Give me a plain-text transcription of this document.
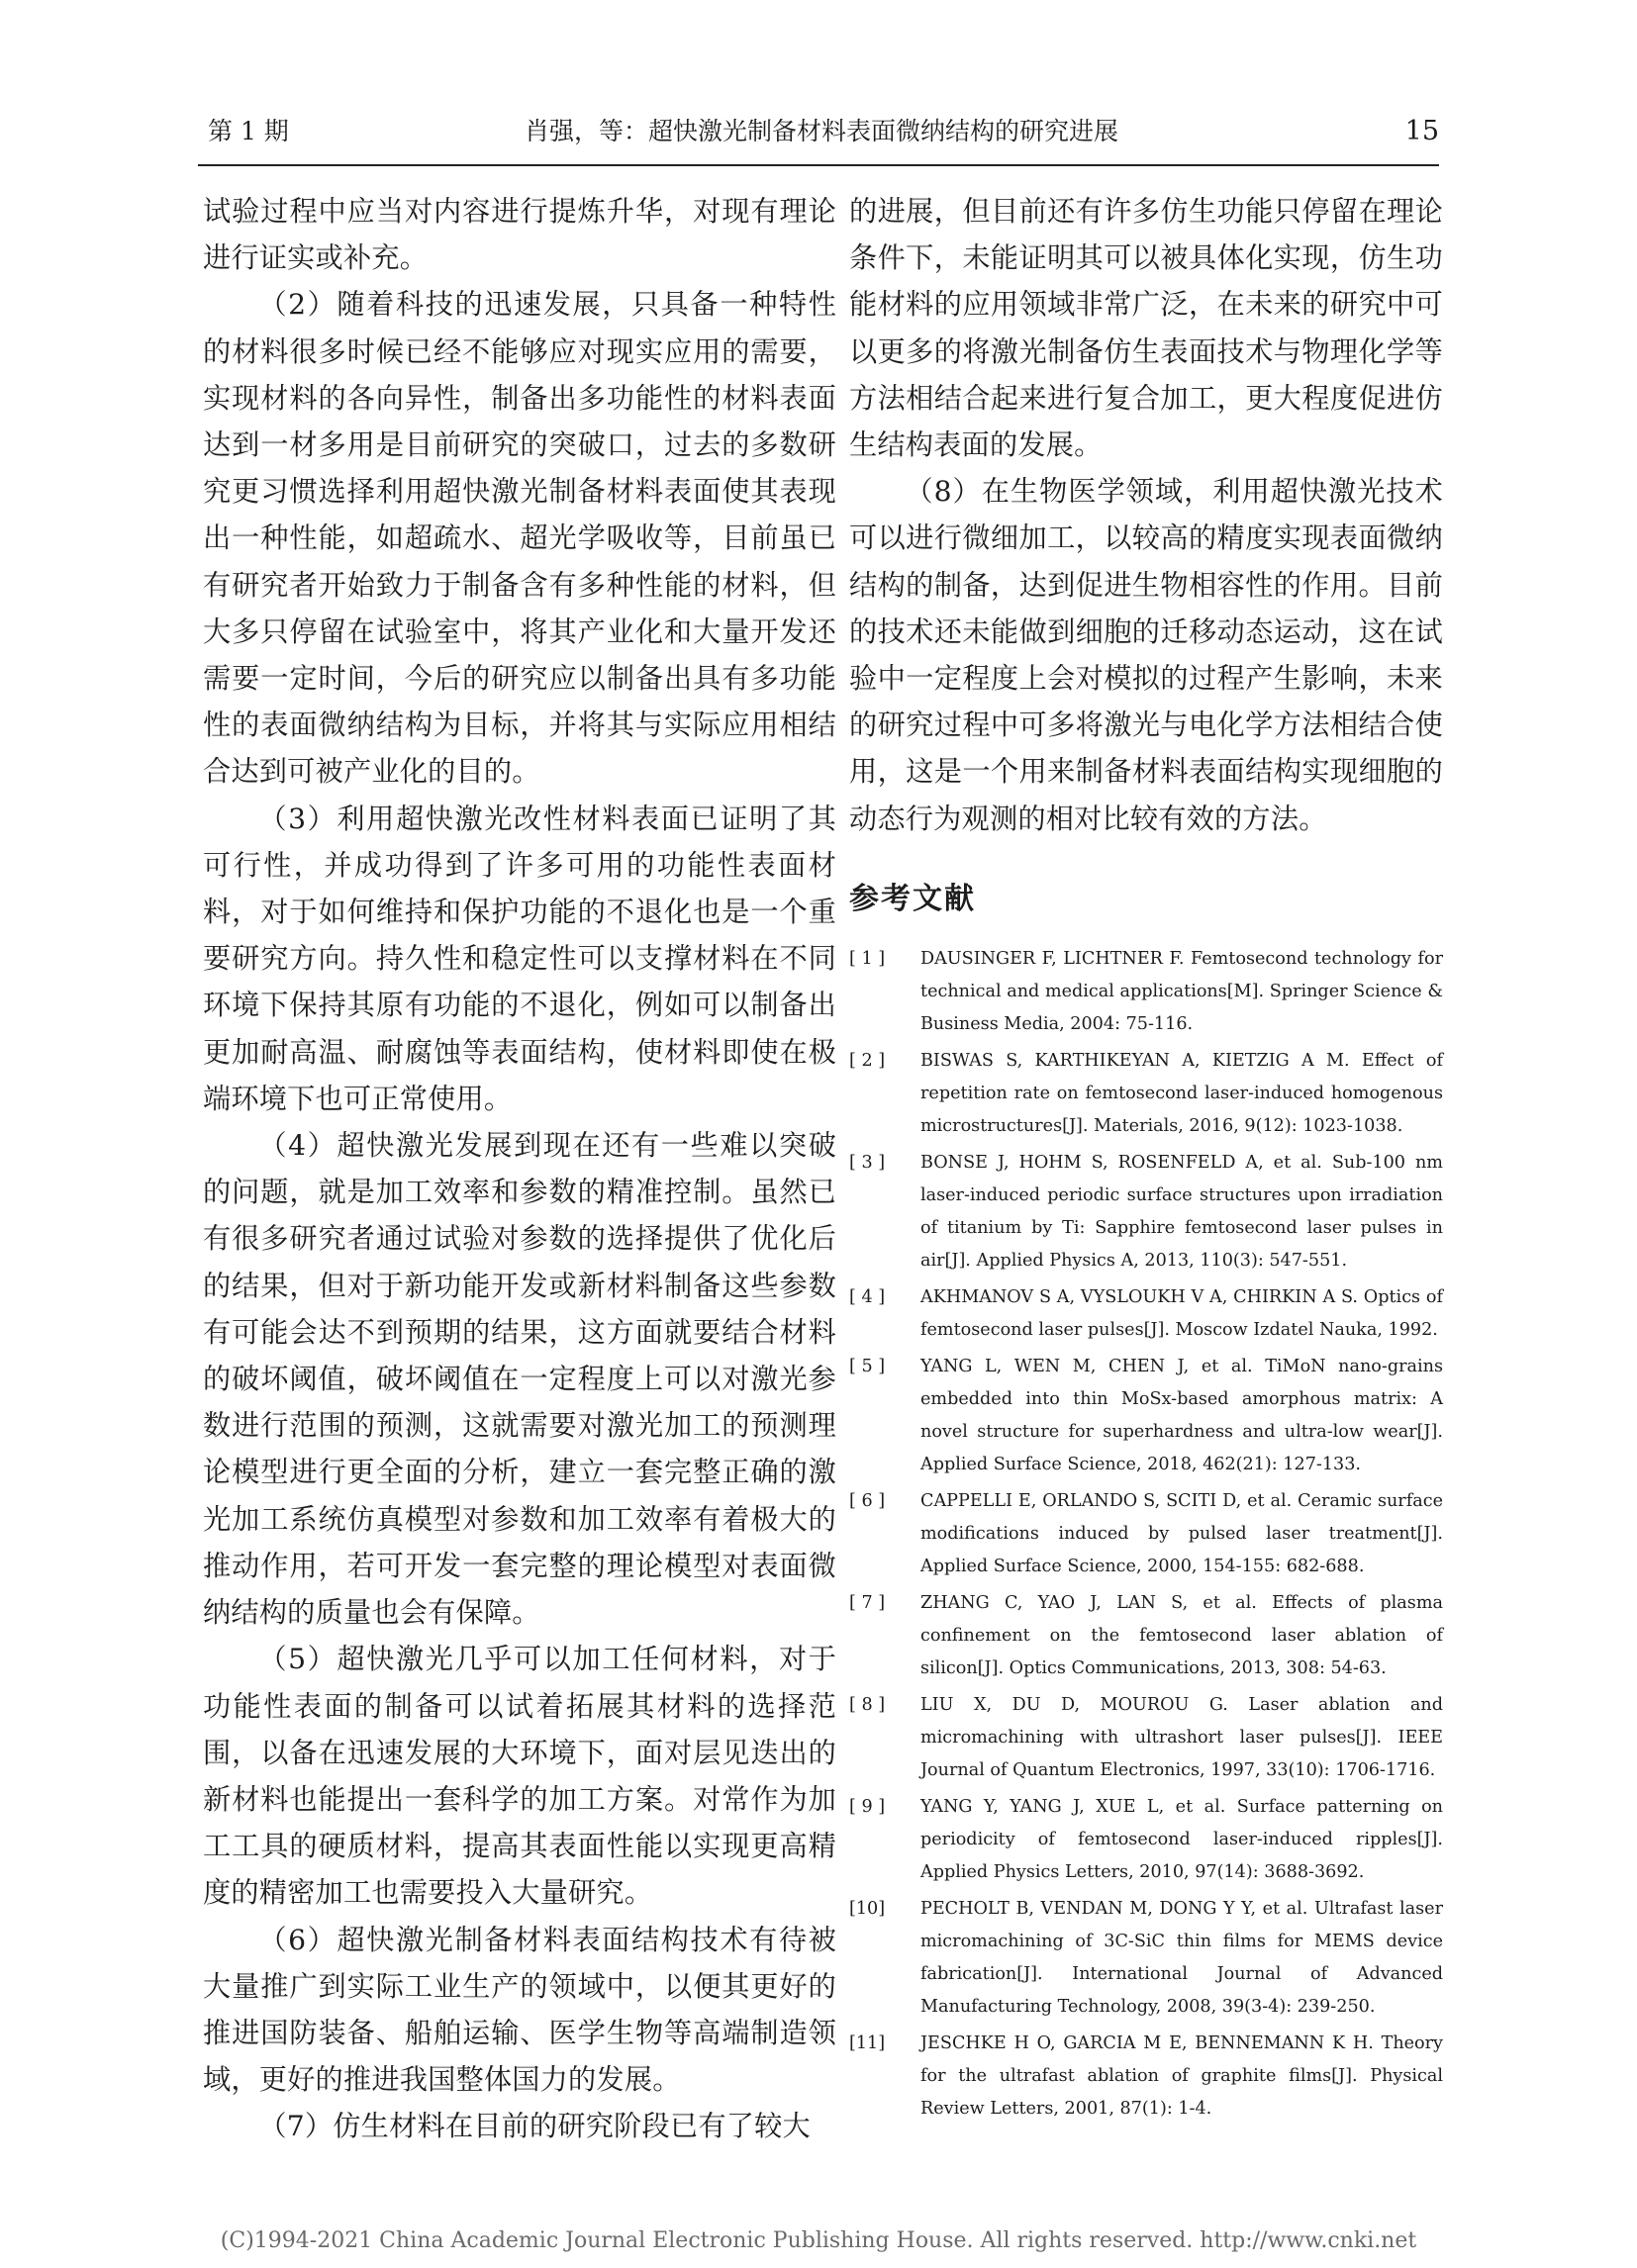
第 1 期	肖强，等：超快激光制备材料表面微纳结构的研究进展	15

试验过程中应当对内容进行提炼升华，对现有理论进行证实或补充。

（2）随着科技的迅速发展，只具备一种特性的材料很多时候已经不能够应对现实应用的需要，实现材料的各向异性，制备出多功能性的材料表面达到一材多用是目前研究的突破口，过去的多数研究更习惯选择利用超快激光制备材料表面使其表现出一种性能，如超疏水、超光学吸收等，目前虽已有研究者开始致力于制备含有多种性能的材料，但大多只停留在试验室中，将其产业化和大量开发还需要一定时间，今后的研究应以制备出具有多功能性的表面微纳结构为目标，并将其与实际应用相结合达到可被产业化的目的。

（3）利用超快激光改性材料表面已证明了其可行性，并成功得到了许多可用的功能性表面材料，对于如何维持和保护功能的不退化也是一个重要研究方向。持久性和稳定性可以支撑材料在不同环境下保持其原有功能的不退化，例如可以制备出更加耐高温、耐腐蚀等表面结构，使材料即使在极端环境下也可正常使用。

（4）超快激光发展到现在还有一些难以突破的问题，就是加工效率和参数的精准控制。虽然已有很多研究者通过试验对参数的选择提供了优化后的结果，但对于新功能开发或新材料制备这些参数有可能会达不到预期的结果，这方面就要结合材料的破坏阈值，破坏阈值在一定程度上可以对激光参数进行范围的预测，这就需要对激光加工的预测理论模型进行更全面的分析，建立一套完整正确的激光加工系统仿真模型对参数和加工效率有着极大的推动作用，若可开发一套完整的理论模型对表面微纳结构的质量也会有保障。

（5）超快激光几乎可以加工任何材料，对于功能性表面的制备可以试着拓展其材料的选择范围，以备在迅速发展的大环境下，面对层见迭出的新材料也能提出一套科学的加工方案。对常作为加工工具的硬质材料，提高其表面性能以实现更高精度的精密加工也需要投入大量研究。

（6）超快激光制备材料表面结构技术有待被大量推广到实际工业生产的领域中，以便其更好的推进国防装备、船舶运输、医学生物等高端制造领域，更好的推进我国整体国力的发展。

（7）仿生材料在目前的研究阶段已有了较大

的进展，但目前还有许多仿生功能只停留在理论条件下，未能证明其可以被具体化实现，仿生功能材料的应用领域非常广泛，在未来的研究中可以更多的将激光制备仿生表面技术与物理化学等方法相结合起来进行复合加工，更大程度促进仿生结构表面的发展。

（8）在生物医学领域，利用超快激光技术可以进行微细加工，以较高的精度实现表面微纳结构的制备，达到促进生物相容性的作用。目前的技术还未能做到细胞的迁移动态运动，这在试验中一定程度上会对模拟的过程产生影响，未来的研究过程中可多将激光与电化学方法相结合使用，这是一个用来制备材料表面结构实现细胞的动态行为观测的相对比较有效的方法。

参考文献
[ 1 ]	DAUSINGER F, LICHTNER F. Femtosecond technology for technical and medical applications[M]. Springer Science & Business Media, 2004: 75-116.
[ 2 ]	BISWAS S, KARTHIKEYAN A, KIETZIG A M. Effect of repetition rate on femtosecond laser-induced homogenous microstructures[J]. Materials, 2016, 9(12): 1023-1038.
[ 3 ]	BONSE J, HOHM S, ROSENFELD A, et al. Sub-100 nm laser-induced periodic surface structures upon irradiation of titanium by Ti: Sapphire femtosecond laser pulses in air[J]. Applied Physics A, 2013, 110(3): 547-551.
[ 4 ]	AKHMANOV S A, VYSLOUKH V A, CHIRKIN A S. Optics of femtosecond laser pulses[J]. Moscow Izdatel Nauka, 1992.
[ 5 ]	YANG L, WEN M, CHEN J, et al. TiMoN nano-grains embedded into thin MoSx-based amorphous matrix: A novel structure for superhardness and ultra-low wear[J]. Applied Surface Science, 2018, 462(21): 127-133.
[ 6 ]	CAPPELLI E, ORLANDO S, SCITI D, et al. Ceramic surface modifications induced by pulsed laser treatment[J]. Applied Surface Science, 2000, 154-155: 682-688.
[ 7 ]	ZHANG C, YAO J, LAN S, et al. Effects of plasma confinement on the femtosecond laser ablation of silicon[J]. Optics Communications, 2013, 308: 54-63.
[ 8 ]	LIU X, DU D, MOUROU G. Laser ablation and micromachining with ultrashort laser pulses[J]. IEEE Journal of Quantum Electronics, 1997, 33(10): 1706-1716.
[ 9 ]	YANG Y, YANG J, XUE L, et al. Surface patterning on periodicity of femtosecond laser-induced ripples[J]. Applied Physics Letters, 2010, 97(14): 3688-3692.
[10]	PECHOLT B, VENDAN M, DONG Y Y, et al. Ultrafast laser micromachining of 3C-SiC thin films for MEMS device fabrication[J]. International Journal of Advanced Manufacturing Technology, 2008, 39(3-4): 239-250.
[11]	JESCHKE H O, GARCIA M E, BENNEMANN K H. Theory for the ultrafast ablation of graphite films[J]. Physical Review Letters, 2001, 87(1): 1-4.
(C)1994-2021 China Academic Journal Electronic Publishing House. All rights reserved. http://www.cnki.net
